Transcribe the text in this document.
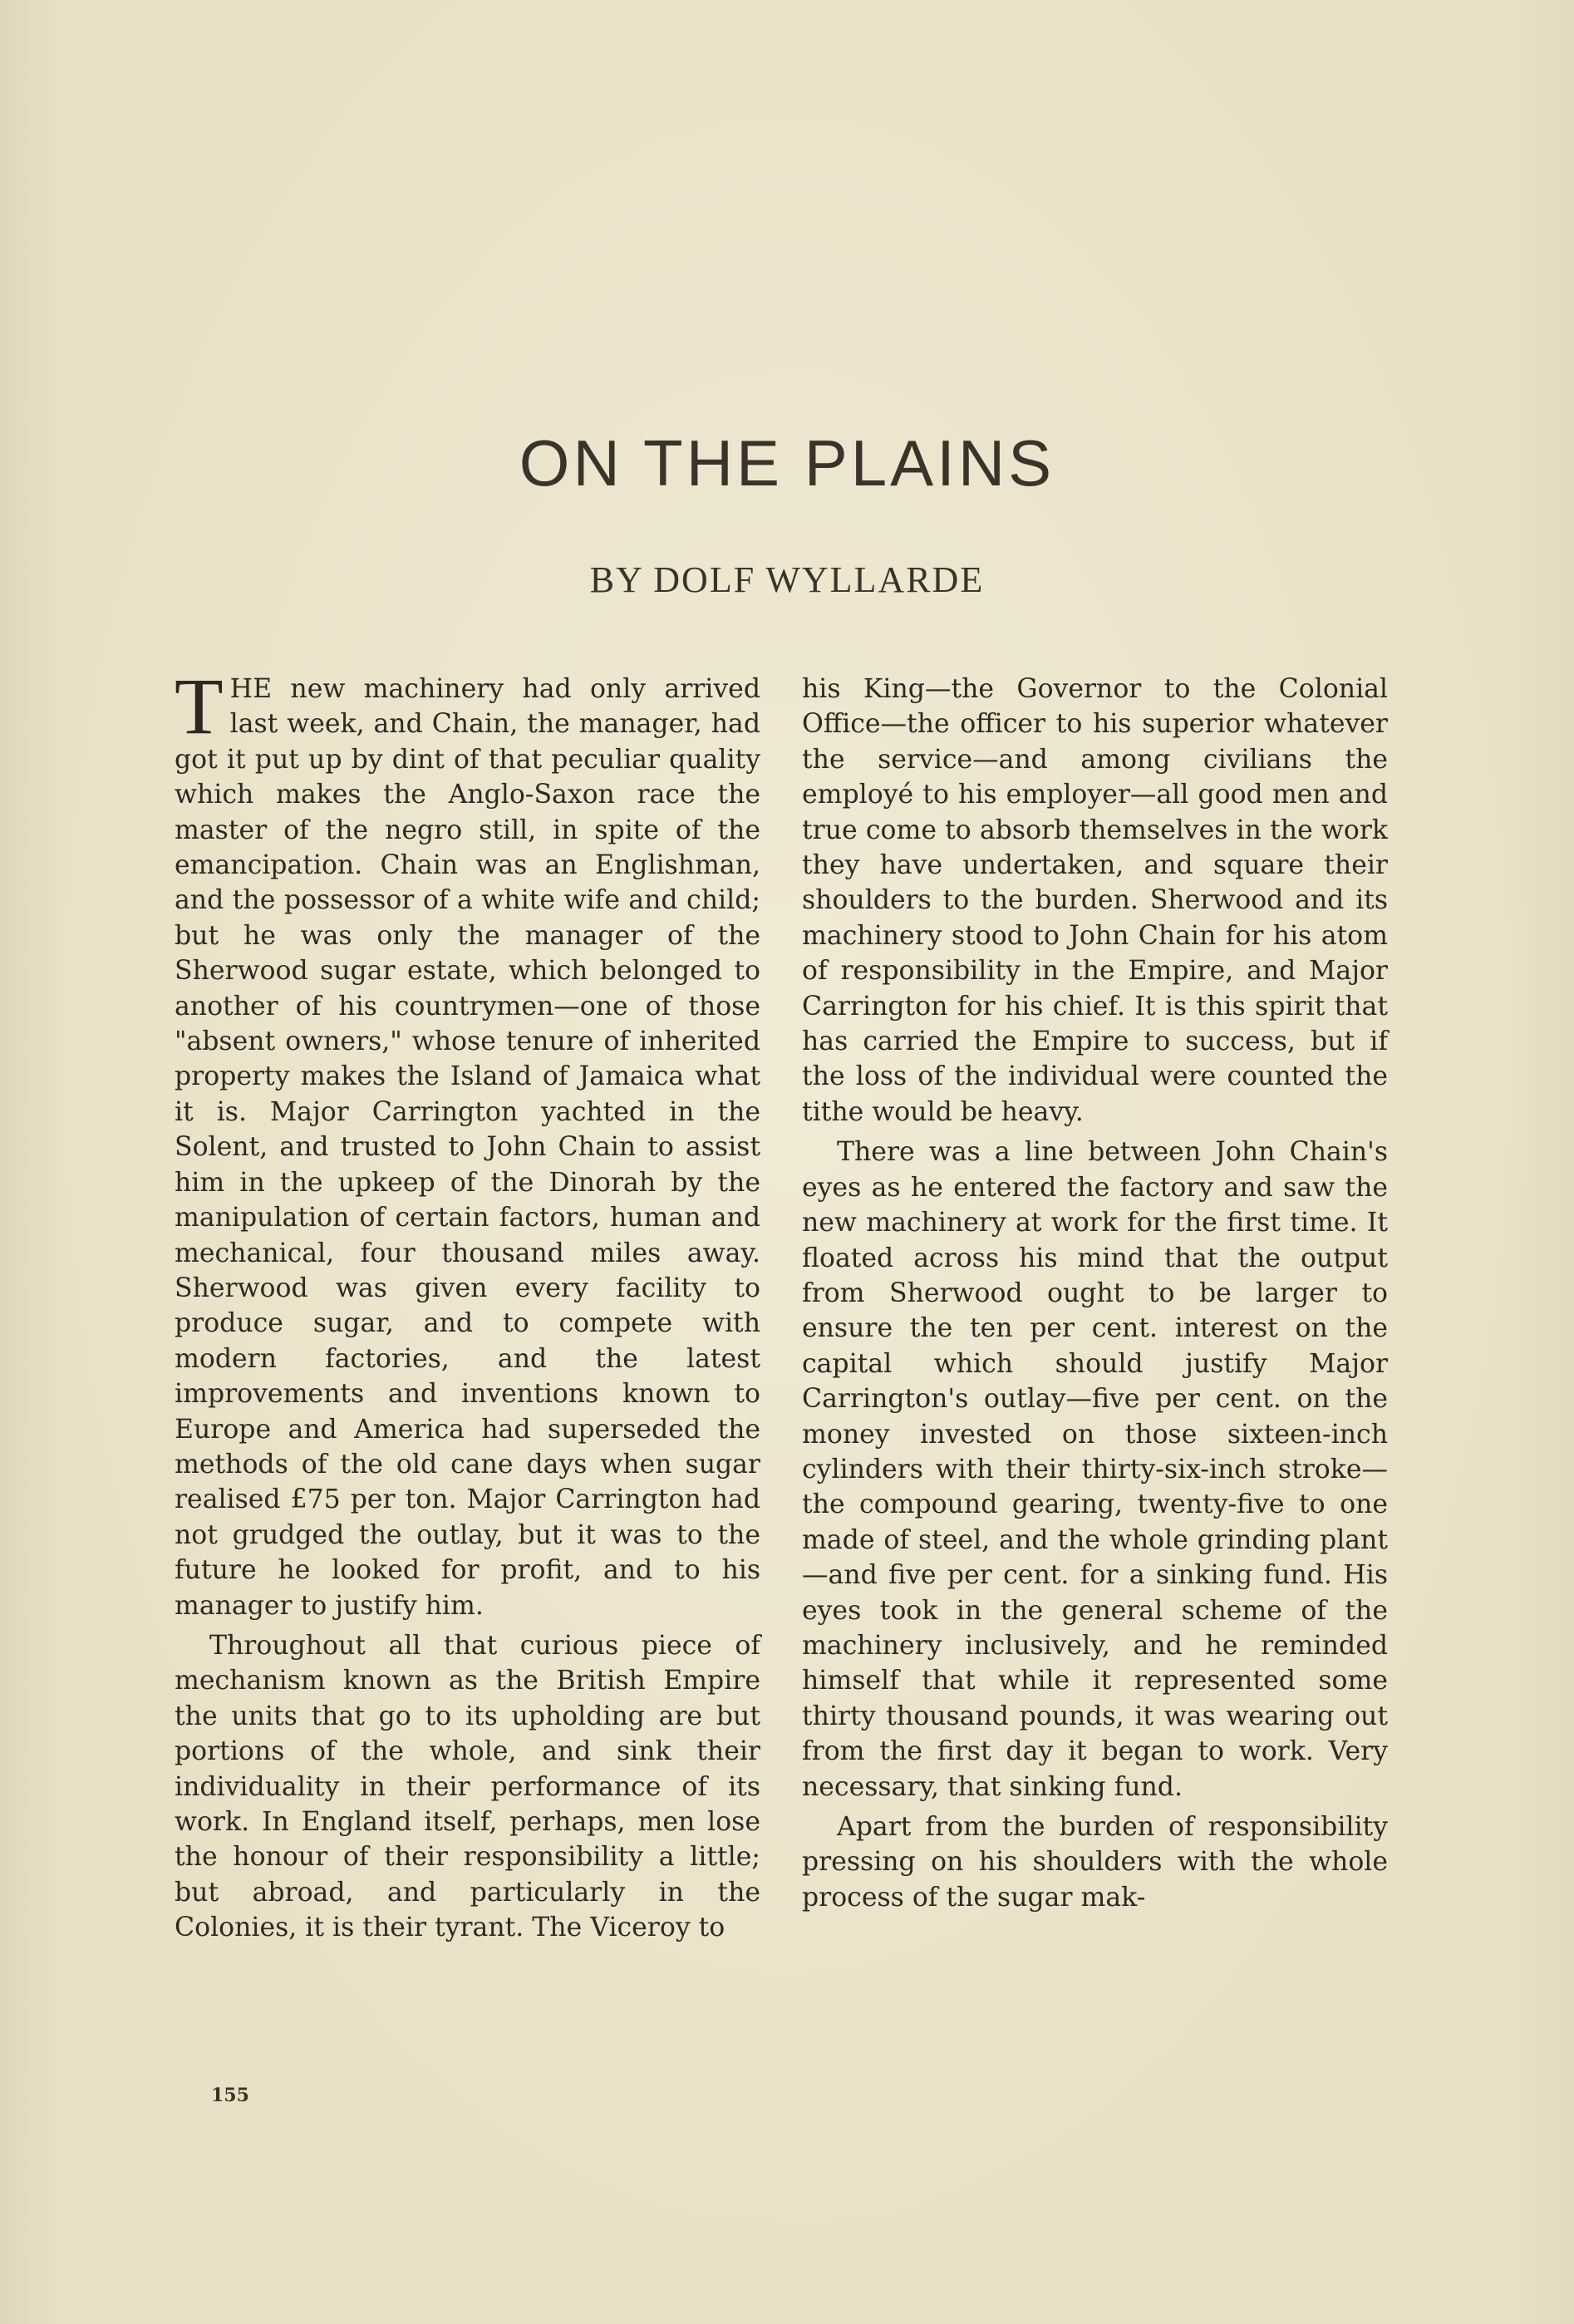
ON THE PLAINS
BY DOLF WYLLARDE

THE new machinery had only arrived last week, and Chain, the manager, had got it put up by dint of that peculiar quality which makes the Anglo-Saxon race the master of the negro still, in spite of the emancipation. Chain was an Englishman, and the possessor of a white wife and child; but he was only the manager of the Sherwood sugar estate, which belonged to another of his countrymen—one of those "absent owners," whose tenure of inherited property makes the Island of Jamaica what it is. Major Carrington yachted in the Solent, and trusted to John Chain to assist him in the upkeep of the Dinorah by the manipulation of certain factors, human and mechanical, four thousand miles away. Sherwood was given every facility to produce sugar, and to compete with modern factories, and the latest improvements and inventions known to Europe and America had superseded the methods of the old cane days when sugar realised £75 per ton. Major Carrington had not grudged the outlay, but it was to the future he looked for profit, and to his manager to justify him.

Throughout all that curious piece of mechanism known as the British Empire the units that go to its upholding are but portions of the whole, and sink their individuality in their performance of its work. In England itself, perhaps, men lose the honour of their responsibility a little; but abroad, and particularly in the Colonies, it is their tyrant. The Viceroy to

his King—the Governor to the Colonial Office—the officer to his superior whatever the service—and among civilians the employé to his employer—all good men and true come to absorb themselves in the work they have undertaken, and square their shoulders to the burden. Sherwood and its machinery stood to John Chain for his atom of responsibility in the Empire, and Major Carrington for his chief. It is this spirit that has carried the Empire to success, but if the loss of the individual were counted the tithe would be heavy.

There was a line between John Chain's eyes as he entered the factory and saw the new machinery at work for the first time. It floated across his mind that the output from Sherwood ought to be larger to ensure the ten per cent. interest on the capital which should justify Major Carrington's outlay—five per cent. on the money invested on those sixteen-inch cylinders with their thirty-six-inch stroke—the compound gearing, twenty-five to one made of steel, and the whole grinding plant—and five per cent. for a sinking fund. His eyes took in the general scheme of the machinery inclusively, and he reminded himself that while it represented some thirty thousand pounds, it was wearing out from the first day it began to work. Very necessary, that sinking fund.

Apart from the burden of responsibility pressing on his shoulders with the whole process of the sugar mak-

155
